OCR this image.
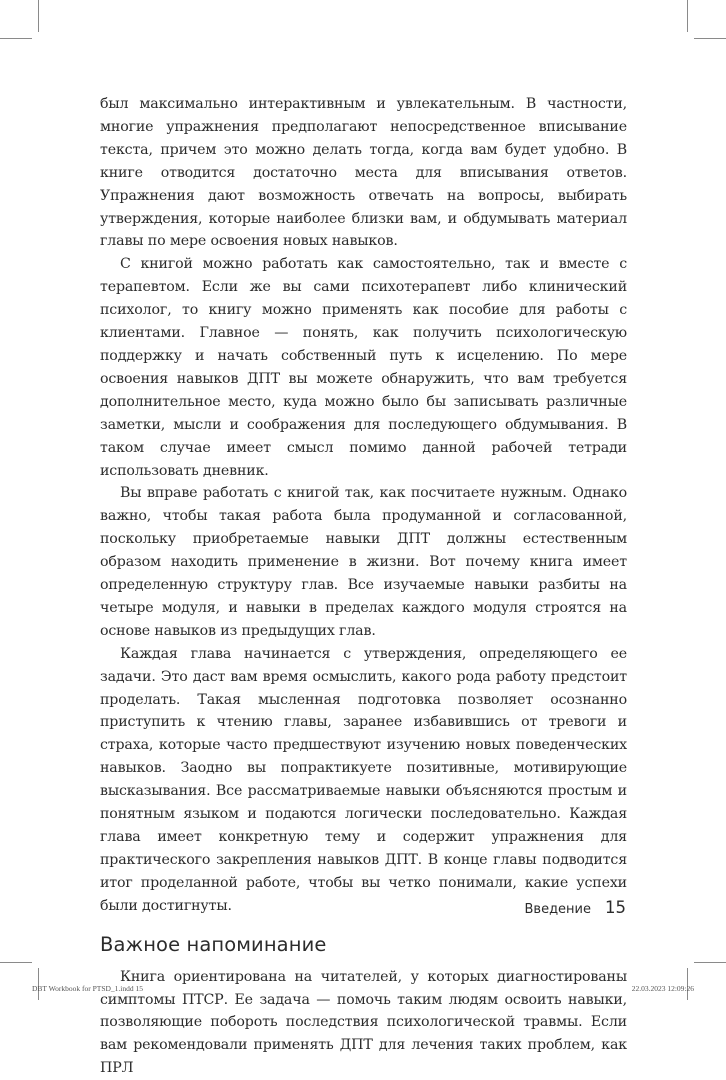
был максимально интерактивным и увлекательным. В частности, многие упражнения предполагают непосредственное вписывание текста, причем это можно делать тогда, когда вам будет удобно. В книге отводится достаточно места для вписывания ответов. Упражнения дают возможность отвечать на вопросы, выбирать утверждения, которые наиболее близки вам, и обдумывать материал главы по мере освоения новых навыков.

С книгой можно работать как самостоятельно, так и вместе с терапевтом. Если же вы сами психотерапевт либо клинический психолог, то книгу можно применять как пособие для работы с клиентами. Главное — понять, как получить психологическую поддержку и начать собственный путь к исцелению. По мере освоения навыков ДПТ вы можете обнаружить, что вам требуется дополнительное место, куда можно было бы записывать различные заметки, мысли и соображения для последующего обдумывания. В таком случае имеет смысл помимо данной рабочей тетради использовать дневник.

Вы вправе работать с книгой так, как посчитаете нужным. Однако важно, чтобы такая работа была продуманной и согласованной, поскольку приобретаемые навыки ДПТ должны естественным образом находить применение в жизни. Вот почему книга имеет определенную структуру глав. Все изучаемые навыки разбиты на четыре модуля, и навыки в пределах каждого модуля строятся на основе навыков из предыдущих глав.

Каждая глава начинается с утверждения, определяющего ее задачи. Это даст вам время осмыслить, какого рода работу предстоит проделать. Такая мысленная подготовка позволяет осознанно приступить к чтению главы, заранее избавившись от тревоги и страха, которые часто предшествуют изучению новых поведенческих навыков. Заодно вы попрактикуете позитивные, мотивирующие высказывания. Все рассматриваемые навыки объясняются простым и понятным языком и подаются логически последовательно. Каждая глава имеет конкретную тему и содержит упражнения для практического закрепления навыков ДПТ. В конце главы подводится итог проделанной работе, чтобы вы четко понимали, какие успехи были достигнуты.

Важное напоминание

Книга ориентирована на читателей, у которых диагностированы симптомы ПТСР. Ее задача — помочь таким людям освоить навыки, позволяющие побороть последствия психологической травмы. Если вам рекомендовали применять ДПТ для лечения таких проблем, как ПРЛ

Введение 15
DBT Workbook for PTSD_1.indd 15	22.03.2023 12:09:26
